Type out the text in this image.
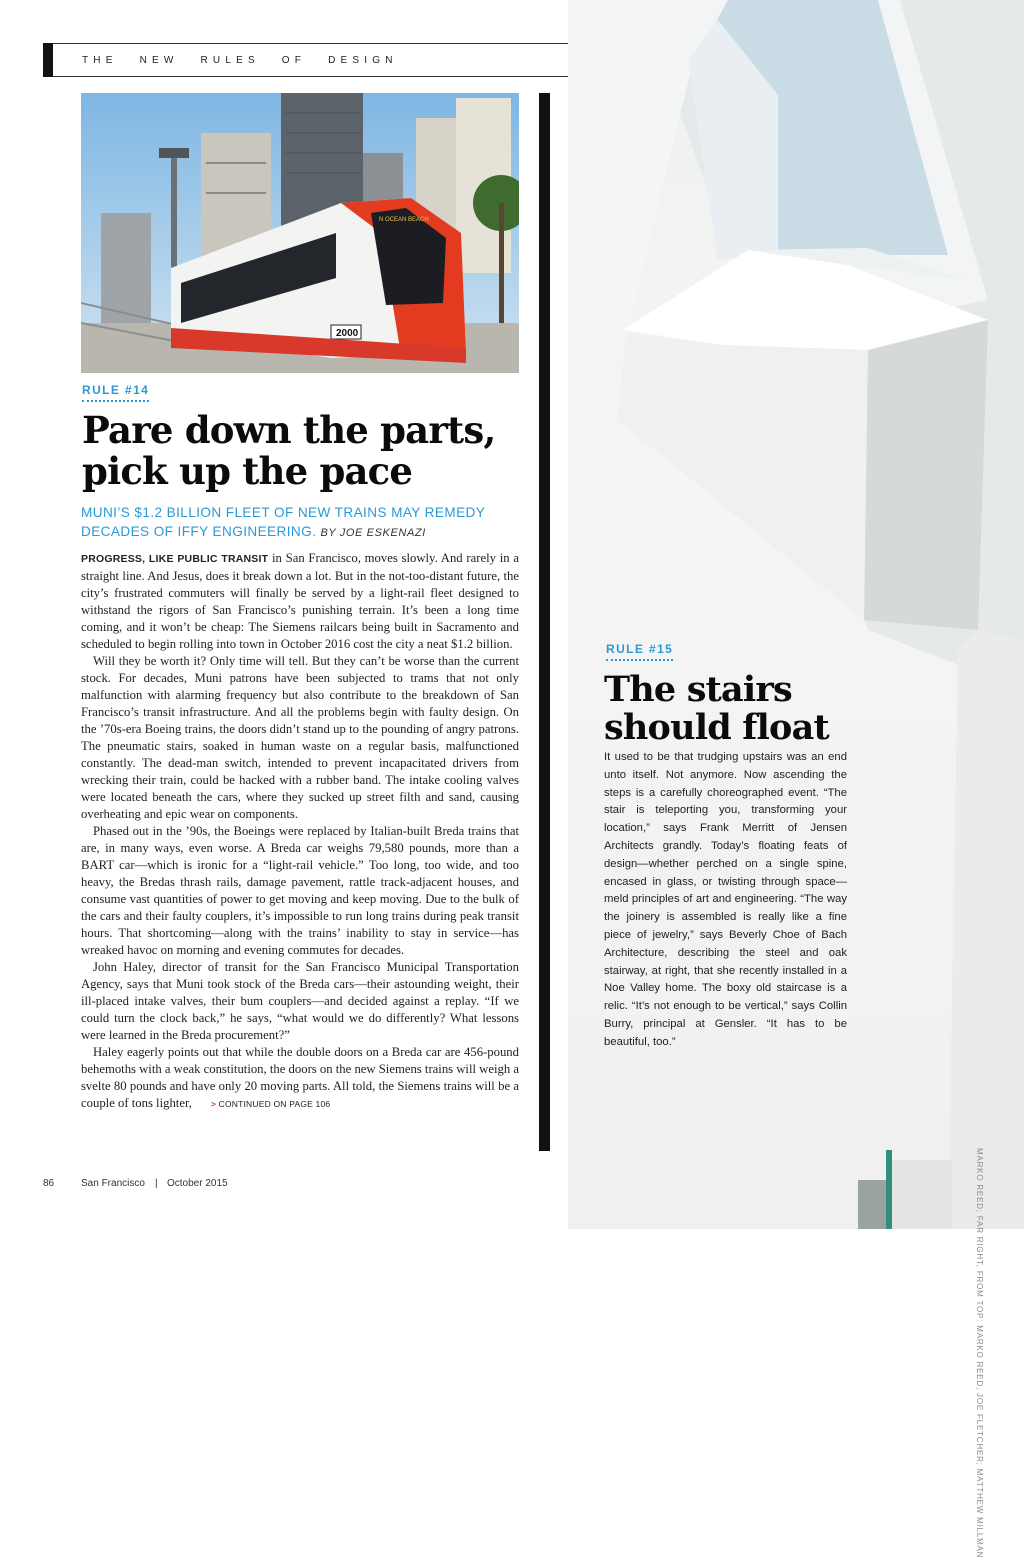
MARKO REED; FAR RIGHT, FROM TOP: MARKO REED, JOE FLETCHER; MATTHEW MILLMAN
THE NEW RULES OF DESIGN
2000
N OCEAN BEACH
RULE #14
Pare down the parts, pick up the pace
MUNI’S $1.2 BILLION FLEET OF NEW TRAINS MAY REMEDY DECADES OF IFFY ENGINEERING. BY JOE ESKENAZI

PROGRESS, LIKE PUBLIC TRANSIT in San Francisco, moves slowly. And rarely in a straight line. And Jesus, does it break down a lot. But in the not-too-distant future, the city’s frustrated commuters will finally be served by a light-rail fleet designed to withstand the rigors of San Francisco’s punishing terrain. It’s been a long time coming, and it won’t be cheap: The Siemens railcars being built in Sacramento and scheduled to begin rolling into town in October 2016 cost the city a neat $1.2 billion.

Will they be worth it? Only time will tell. But they can’t be worse than the current stock. For decades, Muni patrons have been subjected to trams that not only malfunction with alarming frequency but also contribute to the breakdown of San Francisco’s transit infrastructure. And all the problems begin with faulty design. On the ’70s-era Boeing trains, the doors didn’t stand up to the pounding of angry patrons. The pneumatic stairs, soaked in human waste on a regular basis, malfunctioned constantly. The dead-man switch, intended to prevent incapacitated drivers from wrecking their train, could be hacked with a rubber band. The intake cooling valves were located beneath the cars, where they sucked up street filth and sand, causing overheating and epic wear on components.

Phased out in the ’90s, the Boeings were replaced by Italian-built Breda trains that are, in many ways, even worse. A Breda car weighs 79,580 pounds, more than a BART car—which is ironic for a “light-rail vehicle.” Too long, too wide, and too heavy, the Bredas thrash rails, damage pavement, rattle track-adjacent houses, and consume vast quantities of power to get moving and keep moving. Due to the bulk of the cars and their faulty couplers, it’s impossible to run long trains during peak transit hours. That shortcoming—along with the trains’ inability to stay in service—has wreaked havoc on morning and evening commutes for decades.

John Haley, director of transit for the San Francisco Municipal Transportation Agency, says that Muni took stock of the Breda cars—their astounding weight, their ill-placed intake valves, their bum couplers—and decided against a replay. “If we could turn the clock back,” he says, “what would we do differently? What lessons were learned in the Breda procurement?”

Haley eagerly points out that while the double doors on a Breda car are 456-pound behemoths with a weak constitution, the doors on the new Siemens trains will weigh a svelte 80 pounds and have only 20 moving parts. All told, the Siemens trains will be a couple of tons lighter, > CONTINUED ON PAGE 106

RULE #15
The stairs should float

It used to be that trudging upstairs was an end unto itself. Not anymore. Now ascending the steps is a carefully choreographed event. “The stair is teleporting you, transforming your location,” says Frank Merritt of Jensen Architects grandly. Today’s floating feats of design—whether perched on a single spine, encased in glass, or twisting through space—meld principles of art and engineering. “The way the joinery is assembled is really like a fine piece of jewelry,” says Beverly Choe of Bach Architecture, describing the steel and oak stairway, at right, that she recently installed in a Noe Valley home. The boxy old staircase is a relic. “It’s not enough to be vertical,” says Collin Burry, principal at Gensler. “It has to be beautiful, too.”

86	San Francisco | October 2015
